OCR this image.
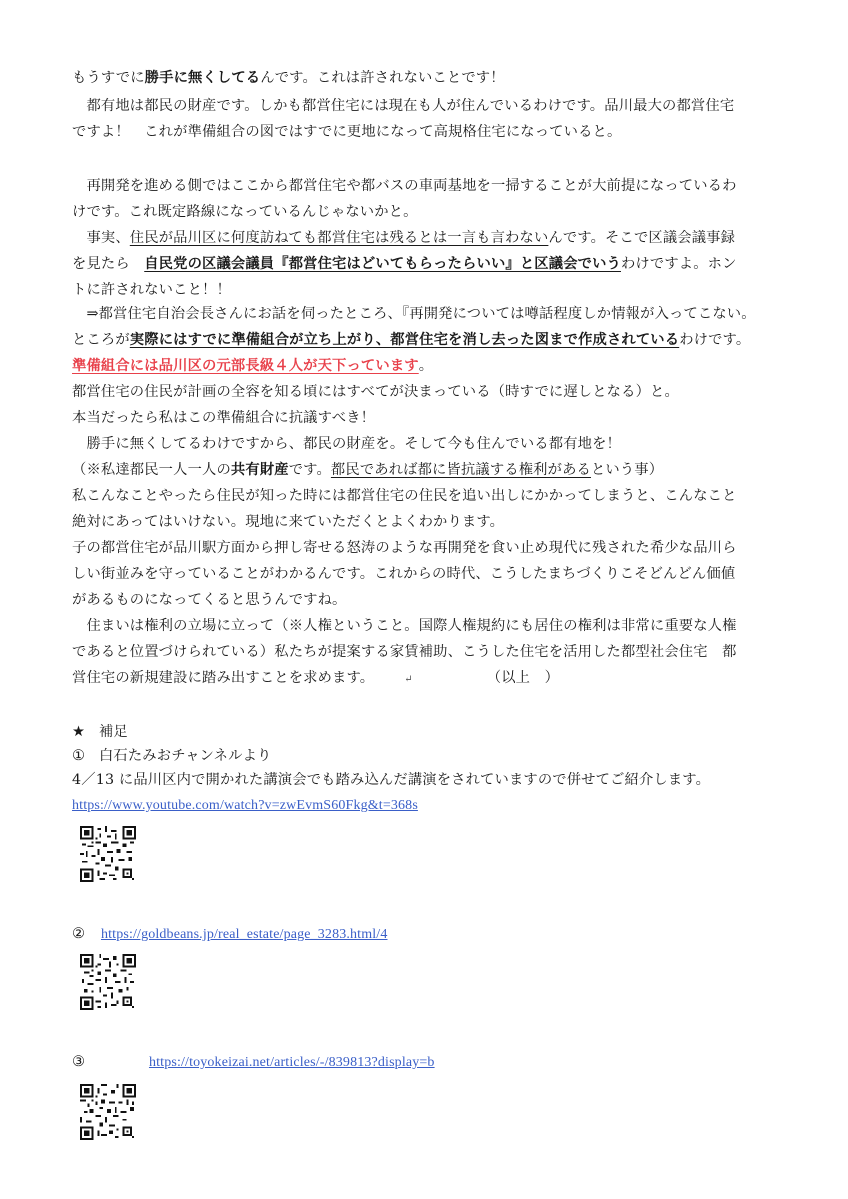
もうすでに勝手に無くしてるんです。これは許されないことです！
　都有地は都民の財産です。しかも都営住宅には現在も人が住んでいるわけです。品川最大の都営住宅
ですよ！　これが準備組合の図ではすでに更地になって高規格住宅になっていると。
　再開発を進める側ではここから都営住宅や都バスの車両基地を一掃することが大前提になっているわ
けです。これ既定路線になっているんじゃないかと。
　事実、住民が品川区に何度訪ねても都営住宅は残るとは一言も言わないんです。そこで区議会議事録
を見たら　自民党の区議会議員『都営住宅はどいてもらったらいい』と区議会でいうわけですよ。ホン
トに許されないこと！！
　⇒都営住宅自治会長さんにお話を伺ったところ、『再開発については噂話程度しか情報が入ってこない。
ところが実際にはすでに準備組合が立ち上がり、都営住宅を消し去った図まで作成されているわけです。
準備組合には品川区の元部長級４人が天下っています。
都営住宅の住民が計画の全容を知る頃にはすべてが決まっている（時すでに遅しとなる）と。
本当だったら私はこの準備組合に抗議すべき！
　勝手に無くしてるわけですから、都民の財産を。そして今も住んでいる都有地を！
（※私達都民一人一人の共有財産です。都民であれば都に皆抗議する権利があるという事）
私こんなことやったら住民が知った時には都営住宅の住民を追い出しにかかってしまうと、こんなこと
絶対にあってはいけない。現地に来ていただくとよくわかります。
子の都営住宅が品川駅方面から押し寄せる怒涛のような再開発を食い止め現代に残された希少な品川ら
しい街並みを守っていることがわかるんです。これからの時代、こうしたまちづくりこそどんどん価値
があるものになってくると思うんですね。
　住まいは権利の立場に立って（※人権ということ。国際人権規約にも居住の権利は非常に重要な人権
であると位置づけられている）私たちが提案する家賃補助、こうした住宅を活用した都型社会住宅　都
営住宅の新規建設に踏み出すことを求めます。	↵	（以上　）
★ 補足
① 白石たみおチャンネルより
4／13 に品川区内で開かれた講演会でも踏み込んだ講演をされていますので併せてご紹介します。
https://www.youtube.com/watch?v=zwEvmS60Fkg&t=368s
② https://goldbeans.jp/real_estate/page_3283.html/4
③	https://toyokeizai.net/articles/-/839813?display=b
